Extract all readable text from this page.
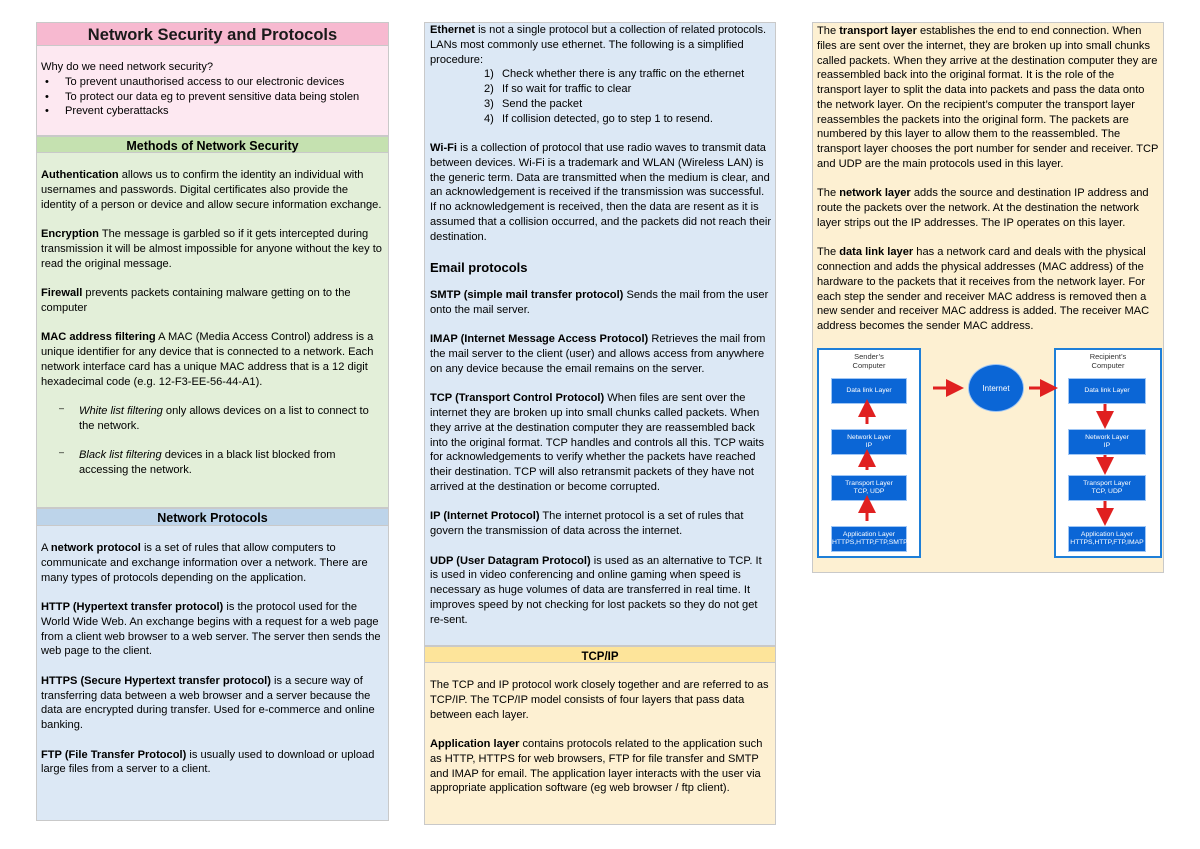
Network Security and Protocols

Why do we need network security?

• To prevent unauthorised access to our electronic devices
• To protect our data eg to prevent sensitive data being stolen
• Prevent cyberattacks
Methods of Network Security

Authentication allows us to confirm the identity an individual with usernames and passwords. Digital certificates also provide the identity of a person or device and allow secure information exchange.

Encryption The message is garbled so if it gets intercepted during transmission it will be almost impossible for anyone without the key to read the original message.

Firewall prevents packets containing malware getting on to the computer

MAC address filtering A MAC (Media Access Control) address is a unique identifier for any device that is connected to a network. Each network interface card has a unique MAC address that is a 12 digit hexadecimal code (e.g. 12-F3-EE-56-44-A1).

– White list filtering only allows devices on a list to connect to the network.
– Black list filtering devices in a black list blocked from accessing the network.
Network Protocols

A network protocol is a set of rules that allow computers to communicate and exchange information over a network. There are many types of protocols depending on the application.

HTTP (Hypertext transfer protocol) is the protocol used for the World Wide Web. An exchange begins with a request for a web page from a client web browser to a web server. The server then sends the web page to the client.

HTTPS (Secure Hypertext transfer protocol) is a secure way of transferring data between a web browser and a server because the data are encrypted during transfer. Used for e-commerce and online banking.

FTP (File Transfer Protocol) is usually used to download or upload large files from a server to a client.

Ethernet is not a single protocol but a collection of related protocols. LANs most commonly use ethernet. The following is a simplified procedure:

1) Check whether there is any traffic on the ethernet
2) If so wait for traffic to clear
3) Send the packet
4) If collision detected, go to step 1 to resend.

Wi-Fi is a collection of protocol that use radio waves to transmit data between devices. Wi-Fi is a trademark and WLAN (Wireless LAN) is the generic term. Data are transmitted when the medium is clear, and an acknowledgement is received if the transmission was successful. If no acknowledgement is received, then the data are resent as it is assumed that a collision occurred, and the packets did not reach their destination.

Email protocols

SMTP (simple mail transfer protocol) Sends the mail from the user onto the mail server.

IMAP (Internet Message Access Protocol) Retrieves the mail from the mail server to the client (user) and allows access from anywhere on any device because the email remains on the server.

TCP (Transport Control Protocol) When files are sent over the internet they are broken up into small chunks called packets. When they arrive at the destination computer they are reassembled back into the original format. TCP handles and controls all this. TCP waits for acknowledgements to verify whether the packets have reached their destination. TCP will also retransmit packets of they have not arrived at the destination or become corrupted.

IP (Internet Protocol) The internet protocol is a set of rules that govern the transmission of data across the internet.

UDP (User Datagram Protocol) is used as an alternative to TCP. It is used in video conferencing and online gaming when speed is necessary as huge volumes of data are transferred in real time. It improves speed by not checking for lost packets so they do not get re-sent.

TCP/IP

The TCP and IP protocol work closely together and are referred to as TCP/IP. The TCP/IP model consists of four layers that pass data between each layer.

Application layer contains protocols related to the application such as HTTP, HTTPS for web browsers, FTP for file transfer and SMTP and IMAP for email. The application layer interacts with the user via appropriate application software (eg web browser / ftp client).

The transport layer establishes the end to end connection. When files are sent over the internet, they are broken up into small chunks called packets. When they arrive at the destination computer they are reassembled back into the original format. It is the role of the transport layer to split the data into packets and pass the data onto the network layer. On the recipient’s computer the transport layer reassembles the packets into the original form. The packets are numbered by this layer to allow them to the reassembled. The transport layer chooses the port number for sender and receiver. TCP and UDP are the main protocols used in this layer.

The network layer adds the source and destination IP address and route the packets over the network. At the destination the network layer strips out the IP addresses. The IP operates on this layer.

The data link layer has a network card and deals with the physical connection and adds the physical addresses (MAC address) of the hardware to the packets that it receives from the network layer. For each step the sender and receiver MAC address is removed then a new sender and receiver MAC address is added. The receiver MAC address becomes the sender MAC address.

Sender’s
Computer
Data link Layer
Network Layer
IP
Transport Layer
TCP, UDP
Application Layer
HTTPS,HTTP,FTP,SMTP
Internet
Recipient’s
Computer
Data link Layer
Network Layer
IP
Transport Layer
TCP, UDP
Application Layer
HTTPS,HTTP,FTP,IMAP
